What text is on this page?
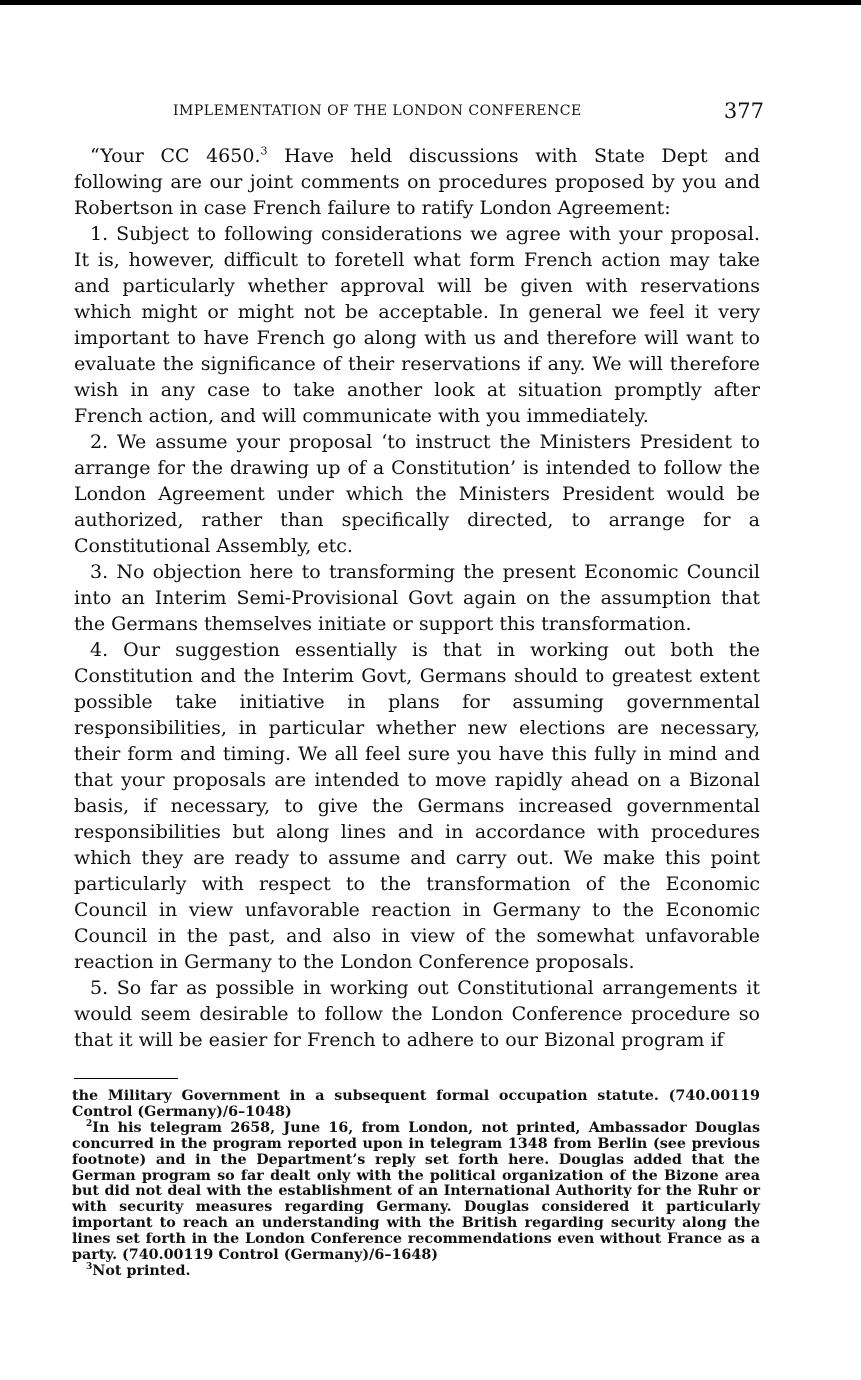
IMPLEMENTATION OF THE LONDON CONFERENCE	377

“Your CC 4650.$^3$ Have held discussions with State Dept and following are our joint comments on procedures proposed by you and Robertson in case French failure to ratify London Agreement:

1. Subject to following considerations we agree with your proposal. It is, however, difficult to foretell what form French action may take and particularly whether approval will be given with reservations which might or might not be acceptable. In general we feel it very important to have French go along with us and therefore will want to evaluate the significance of their reservations if any. We will therefore wish in any case to take another look at situation promptly after French action, and will communicate with you immediately.

2. We assume your proposal ‘to instruct the Ministers President to arrange for the drawing up of a Constitution’ is intended to follow the London Agreement under which the Ministers President would be authorized, rather than specifically directed, to arrange for a Constitutional Assembly, etc.

3. No objection here to transforming the present Economic Council into an Interim Semi-Provisional Govt again on the assumption that the Germans themselves initiate or support this transformation.

4. Our suggestion essentially is that in working out both the Constitution and the Interim Govt, Germans should to greatest extent possible take initiative in plans for assuming governmental responsibilities, in particular whether new elections are necessary, their form and timing. We all feel sure you have this fully in mind and that your proposals are intended to move rapidly ahead on a Bizonal basis, if necessary, to give the Germans increased governmental responsibilities but along lines and in accordance with procedures which they are ready to assume and carry out. We make this point particularly with respect to the transformation of the Economic Council in view unfavorable reaction in Germany to the Economic Council in the past, and also in view of the somewhat unfavorable reaction in Germany to the London Conference proposals.

5. So far as possible in working out Constitutional arrangements it would seem desirable to follow the London Conference procedure so that it will be easier for French to adhere to our Bizonal program if

the Military Government in a subsequent formal occupation statute. (740.00119 Control (Germany)/6–1048)

$^2$In his telegram 2658, June 16, from London, not printed, Ambassador Douglas concurred in the program reported upon in telegram 1348 from Berlin (see previous footnote) and in the Department’s reply set forth here. Douglas added that the German program so far dealt only with the political organization of the Bizone area but did not deal with the establishment of an International Authority for the Ruhr or with security measures regarding Germany. Douglas considered it particularly important to reach an understanding with the British regarding security along the lines set forth in the London Conference recommendations even without France as a party. (740.00119 Control (Germany)/6–1648)

$^3$Not printed.
